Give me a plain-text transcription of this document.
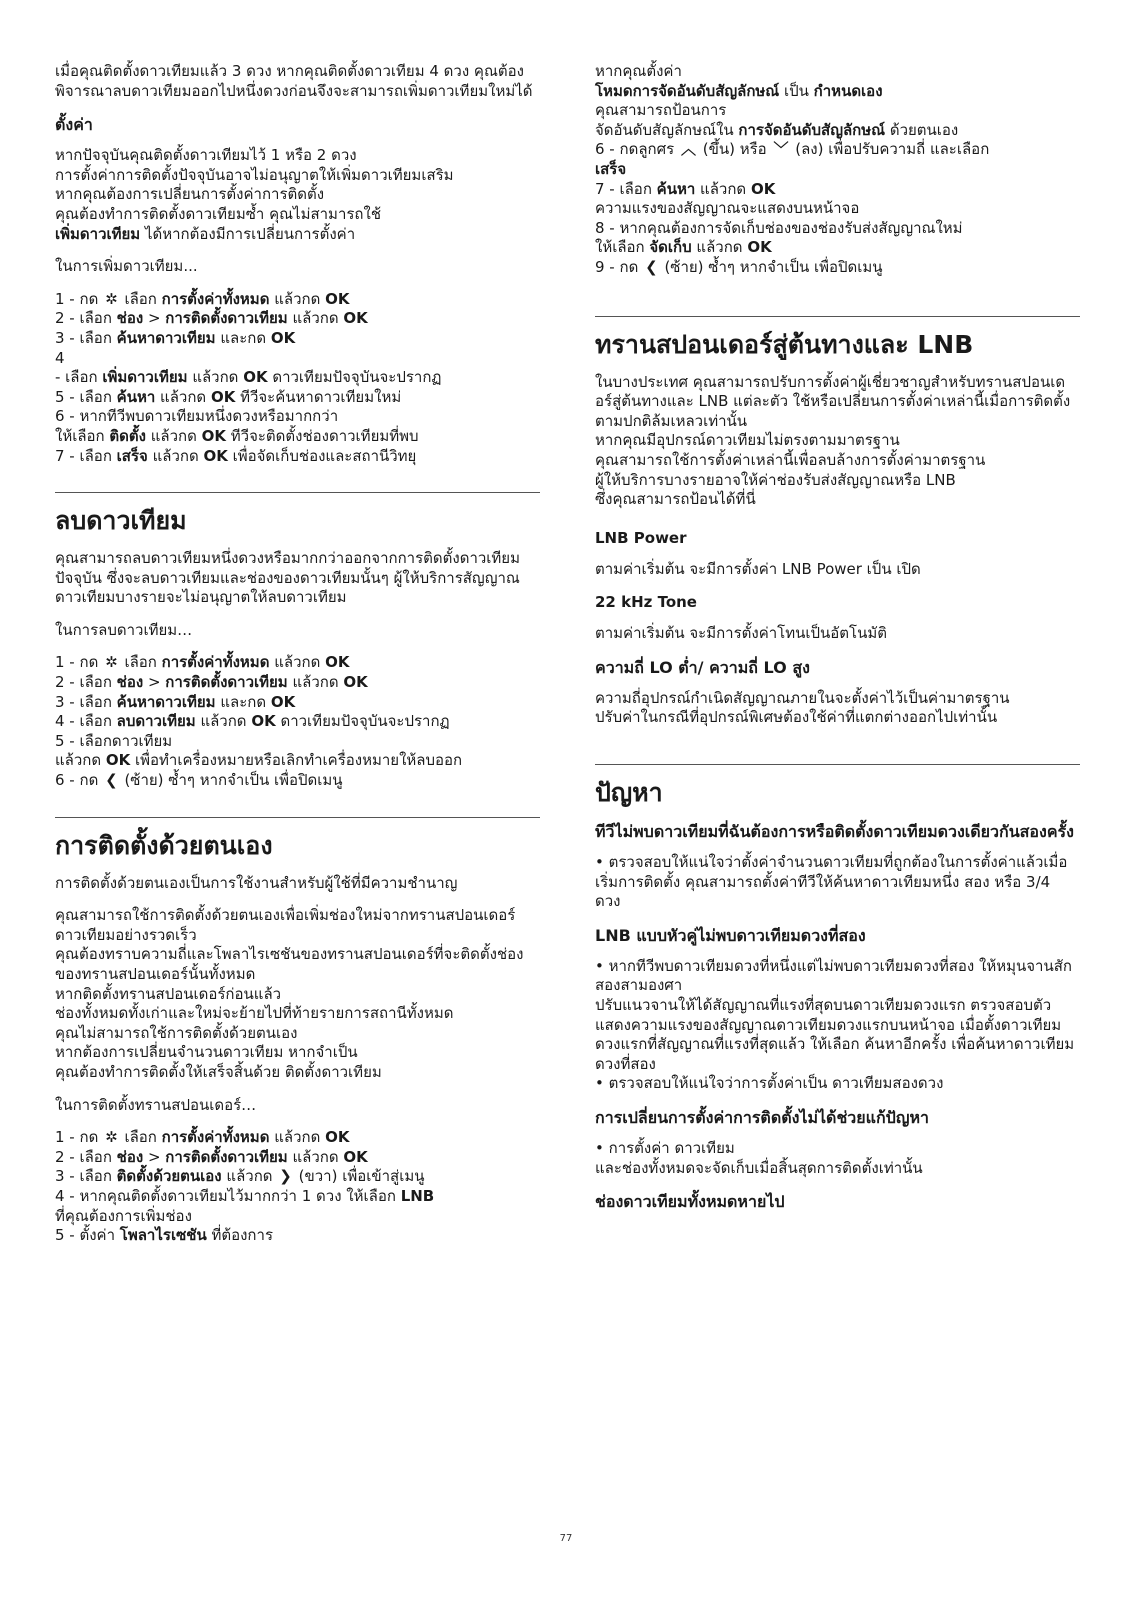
เมื่อคุณติดตั้งดาวเทียมแล้ว 3 ดวง หากคุณติดตั้งดาวเทียม 4 ดวง คุณต้องพิจารณาลบดาวเทียมออกไปหนึ่งดวงก่อนจึงจะสามารถเพิ่มดาวเทียมใหม่ได้

ตั้งค่า

หากปัจจุบันคุณติดตั้งดาวเทียมไว้ 1 หรือ 2 ดวง

การตั้งค่าการติดตั้งปัจจุบันอาจไม่อนุญาตให้เพิ่มดาวเทียมเสริม

หากคุณต้องการเปลี่ยนการตั้งค่าการติดตั้ง

คุณต้องทำการติดตั้งดาวเทียมซ้ำ คุณไม่สามารถใช้

เพิ่มดาวเทียม ได้หากต้องมีการเปลี่ยนการตั้งค่า

ในการเพิ่มดาวเทียม...

1 - กด ✲ เลือก การตั้งค่าทั้งหมด แล้วกด OK

2 - เลือก ช่อง > การติดตั้งดาวเทียม แล้วกด OK

3 - เลือก ค้นหาดาวเทียม และกด OK

4

- เลือก เพิ่มดาวเทียม แล้วกด OK ดาวเทียมปัจจุบันจะปรากฏ

5 - เลือก ค้นหา แล้วกด OK ทีวีจะค้นหาดาวเทียมใหม่

6 - หากทีวีพบดาวเทียมหนึ่งดวงหรือมากกว่า

ให้เลือก ติดตั้ง แล้วกด OK ทีวีจะติดตั้งช่องดาวเทียมที่พบ

7 - เลือก เสร็จ แล้วกด OK เพื่อจัดเก็บช่องและสถานีวิทยุ

ลบดาวเทียม

คุณสามารถลบดาวเทียมหนึ่งดวงหรือมากกว่าออกจากการติดตั้งดาวเทียมปัจจุบัน ซึ่งจะลบดาวเทียมและช่องของดาวเทียมนั้นๆ ผู้ให้บริการสัญญาณดาวเทียมบางรายจะไม่อนุญาตให้ลบดาวเทียม

ในการลบดาวเทียม…

1 - กด ✲ เลือก การตั้งค่าทั้งหมด แล้วกด OK

2 - เลือก ช่อง > การติดตั้งดาวเทียม แล้วกด OK

3 - เลือก ค้นหาดาวเทียม และกด OK

4 - เลือก ลบดาวเทียม แล้วกด OK ดาวเทียมปัจจุบันจะปรากฏ

5 - เลือกดาวเทียม

แล้วกด OK เพื่อทำเครื่องหมายหรือเลิกทำเครื่องหมายให้ลบออก

6 - กด ❮ (ซ้าย) ซ้ำๆ หากจำเป็น เพื่อปิดเมนู

การติดตั้งด้วยตนเอง

การติดตั้งด้วยตนเองเป็นการใช้งานสำหรับผู้ใช้ที่มีความชำนาญ

คุณสามารถใช้การติดตั้งด้วยตนเองเพื่อเพิ่มช่องใหม่จากทรานสปอนเดอร์ดาวเทียมอย่างรวดเร็ว

คุณต้องทราบความถี่และโพลาไรเซชันของทรานสปอนเดอร์ที่จะติดตั้งช่องของทรานสปอนเดอร์นั้นทั้งหมด

หากติดตั้งทรานสปอนเดอร์ก่อนแล้ว

ช่องทั้งหมดทั้งเก่าและใหม่จะย้ายไปที่ท้ายรายการสถานีทั้งหมด

คุณไม่สามารถใช้การติดตั้งด้วยตนเอง

หากต้องการเปลี่ยนจำนวนดาวเทียม หากจำเป็น

คุณต้องทำการติดตั้งให้เสร็จสิ้นด้วย ติดตั้งดาวเทียม

ในการติดตั้งทรานสปอนเดอร์…

1 - กด ✲ เลือก การตั้งค่าทั้งหมด แล้วกด OK

2 - เลือก ช่อง > การติดตั้งดาวเทียม แล้วกด OK

3 - เลือก ติดตั้งด้วยตนเอง แล้วกด ❯ (ขวา) เพื่อเข้าสู่เมนู

4 - หากคุณติดตั้งดาวเทียมไว้มากกว่า 1 ดวง ให้เลือก LNB

ที่คุณต้องการเพิ่มช่อง

5 - ตั้งค่า โพลาไรเซชัน ที่ต้องการ

หากคุณตั้งค่า

โหมดการจัดอันดับสัญลักษณ์ เป็น กำหนดเอง

คุณสามารถป้อนการ

จัดอันดับสัญลักษณ์ใน การจัดอันดับสัญลักษณ์ ด้วยตนเอง

6 - กดลูกศร ︿ (ขึ้น) หรือ ﹀ (ลง) เพื่อปรับความถี่ และเลือก

เสร็จ

7 - เลือก ค้นหา แล้วกด OK

ความแรงของสัญญาณจะแสดงบนหน้าจอ

8 - หากคุณต้องการจัดเก็บช่องของช่องรับส่งสัญญาณใหม่

ให้เลือก จัดเก็บ แล้วกด OK

9 - กด ❮ (ซ้าย) ซ้ำๆ หากจำเป็น เพื่อปิดเมนู

ทรานสปอนเดอร์สู่ต้นทางและ LNB

ในบางประเทศ คุณสามารถปรับการตั้งค่าผู้เชี่ยวชาญสำหรับทรานสปอนเดอร์สู่ต้นทางและ LNB แต่ละตัว ใช้หรือเปลี่ยนการตั้งค่าเหล่านี้เมื่อการติดตั้งตามปกติล้มเหลวเท่านั้น

หากคุณมีอุปกรณ์ดาวเทียมไม่ตรงตามมาตรฐาน

คุณสามารถใช้การตั้งค่าเหล่านี้เพื่อลบล้างการตั้งค่ามาตรฐาน

ผู้ให้บริการบางรายอาจให้ค่าช่องรับส่งสัญญาณหรือ LNB

ซึ่งคุณสามารถป้อนได้ที่นี่

LNB Power

ตามค่าเริ่มต้น จะมีการตั้งค่า LNB Power เป็น เปิด

22 kHz Tone

ตามค่าเริ่มต้น จะมีการตั้งค่าโทนเป็นอัตโนมัติ

ความถี่ LO ต่ำ/ ความถี่ LO สูง

ความถี่อุปกรณ์กำเนิดสัญญาณภายในจะตั้งค่าไว้เป็นค่ามาตรฐาน

ปรับค่าในกรณีที่อุปกรณ์พิเศษต้องใช้ค่าที่แตกต่างออกไปเท่านั้น

ปัญหา
ทีวีไม่พบดาวเทียมที่ฉันต้องการหรือติดตั้งดาวเทียมดวงเดียวกันสองครั้ง

• ตรวจสอบให้แน่ใจว่าตั้งค่าจำนวนดาวเทียมที่ถูกต้องในการตั้งค่าแล้วเมื่อเริ่มการติดตั้ง คุณสามารถตั้งค่าทีวีให้ค้นหาดาวเทียมหนึ่ง สอง หรือ 3/4 ดวง

LNB แบบหัวคู่ไม่พบดาวเทียมดวงที่สอง

• หากทีวีพบดาวเทียมดวงที่หนึ่งแต่ไม่พบดาวเทียมดวงที่สอง ให้หมุนจานสักสองสามองศา

ปรับแนวจานให้ได้สัญญาณที่แรงที่สุดบนดาวเทียมดวงแรก ตรวจสอบตัวแสดงความแรงของสัญญาณดาวเทียมดวงแรกบนหน้าจอ เมื่อตั้งดาวเทียมดวงแรกที่สัญญาณที่แรงที่สุดแล้ว ให้เลือก ค้นหาอีกครั้ง เพื่อค้นหาดาวเทียมดวงที่สอง

• ตรวจสอบให้แน่ใจว่าการตั้งค่าเป็น ดาวเทียมสองดวง

การเปลี่ยนการตั้งค่าการติดตั้งไม่ได้ช่วยแก้ปัญหา

• การตั้งค่า ดาวเทียม

และช่องทั้งหมดจะจัดเก็บเมื่อสิ้นสุดการติดตั้งเท่านั้น

ช่องดาวเทียมทั้งหมดหายไป
77
